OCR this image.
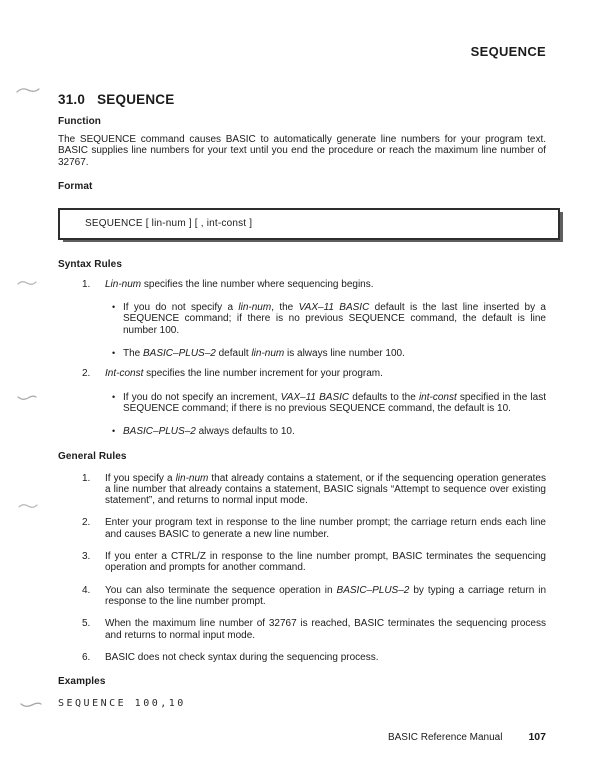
SEQUENCE
31.0 SEQUENCE
Function

The SEQUENCE command causes BASIC to automatically generate line numbers for your program text. BASIC supplies line numbers for your text until you end the procedure or reach the maximum line number of 32767.

Format
SEQUENCE [ lin-num ] [ , int-const ]
Syntax Rules
1.	Lin-num specifies the line number where sequencing begins.
• If you do not specify a lin-num, the VAX–11 BASIC default is the last line inserted by a SEQUENCE command; if there is no previous SEQUENCE command, the default is line number 100.
• The BASIC–PLUS–2 default lin-num is always line number 100.
2.	Int-const specifies the line number increment for your program.
• If you do not specify an increment, VAX–11 BASIC defaults to the int-const specified in the last SEQUENCE command; if there is no previous SEQUENCE command, the default is 10.
• BASIC–PLUS–2 always defaults to 10.
General Rules
1.	If you specify a lin-num that already contains a statement, or if the sequencing operation generates a line number that already contains a statement, BASIC signals “Attempt to sequence over existing statement”, and returns to normal input mode.
2.	Enter your program text in response to the line number prompt; the carriage return ends each line and causes BASIC to generate a new line number.
3.	If you enter a CTRL/Z in response to the line number prompt, BASIC terminates the sequencing operation and prompts for another command.
4.	You can also terminate the sequence operation in BASIC–PLUS–2 by typing a carriage return in response to the line number prompt.
5.	When the maximum line number of 32767 is reached, BASIC terminates the sequencing process and returns to normal input mode.
6.	BASIC does not check syntax during the sequencing process.
Examples
SEQUENCE 100,10
BASIC Reference Manual 107
